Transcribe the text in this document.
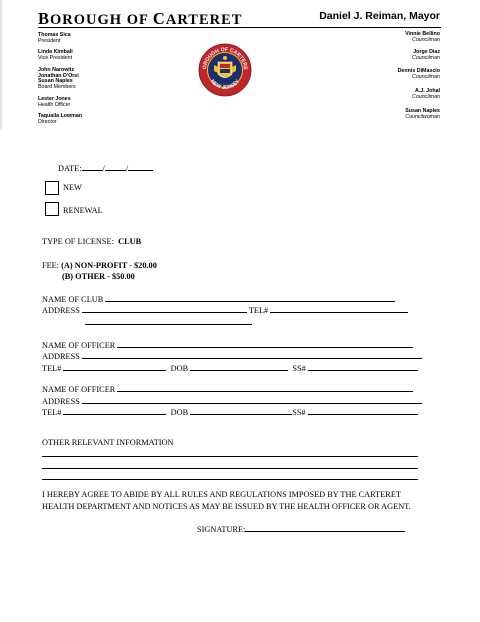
BOROUGH OF CARTERET	Daniel J. Reiman, Mayor
Thomas Sica
President
Linda Kimball
Vice President
John Narowitz
Jonathan D'Orsi
Susan Naples
Board Members
Lester Jones
Health Officer
Taquaila Lowman
Director
Vinnie Bellino
Councilman
Jorge Diaz
Councilman
Dennis DiMascio
Councilman
A.J. Johal
Councilman
Susan Naples
Councilwoman
OROUGH OF CARTERE
NEW JERSEY
DATE:	/	/
NEW
RENEWAL
TYPE OF LICENSE: CLUB
FEE: (A) NON-PROFIT - $20.00
(B) OTHER - $50.00
NAME OF CLUB
ADDRESS	TEL#
NAME OF OFFICER
ADDRESS
TEL#	DOB	SS#
NAME OF OFFICER
ADDRESS
TEL#	DOB	SS#
OTHER RELEVANT INFORMATION
I HEREBY AGREE TO ABIDE BY ALL RULES AND REGULATIONS IMPOSED BY THE CARTERET
HEALTH DEPARTMENT AND NOTICES AS MAY BE ISSUED BY THE HEALTH OFFICER OR AGENT.
SIGNATURE:
